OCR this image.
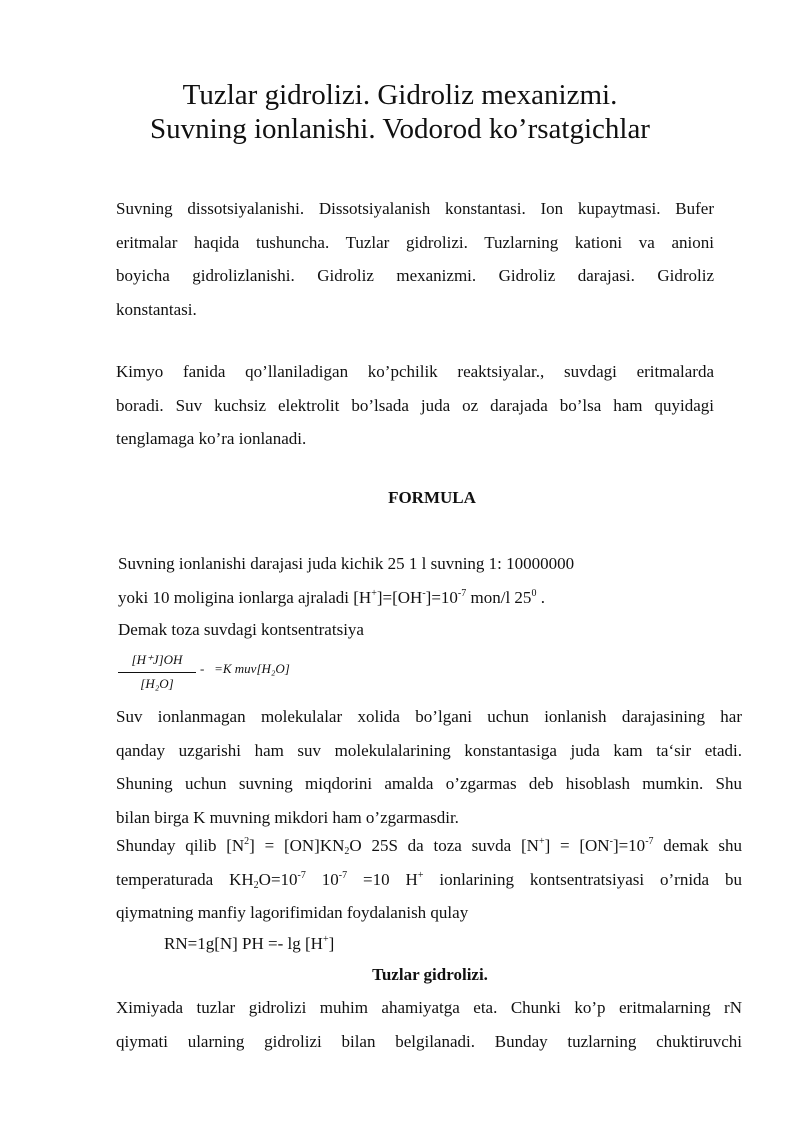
Tuzlar gidrolizi. Gidroliz mexanizmi.
Suvning ionlanishi. Vodorod ko’rsatgichlar
Suvning dissotsiyalanishi. Dissotsiyalanish konstantasi. Ion kupaytmasi. Bufer
eritmalar haqida tushuncha. Tuzlar gidrolizi. Tuzlarning kationi va anioni
boyicha gidrolizlanishi. Gidroliz mexanizmi. Gidroliz darajasi. Gidroliz
konstantasi.
Kimyo fanida qo’llaniladigan ko’pchilik reaktsiyalar., suvdagi eritmalarda
boradi. Suv kuchsiz elektrolit bo’lsada juda oz darajada bo’lsa ham quyidagi
tenglamaga ko’ra ionlanadi.
FORMULA
Suvning ionlanishi darajasi juda kichik 25 1 l suvning 1: 10000000
yoki 10 moligina ionlarga ajraladi $[H^+]=[OH^-]=10^{-7}$ mon/l $25^0$ .
Demak toza suvdagi kontsentratsiya
[H⁺J]OH
[H₂O]
- =K muv[H₂O]
Suv ionlanmagan molekulalar xolida bo’lgani uchun ionlanish darajasining har
qanday uzgarishi ham suv molekulalarining konstantasiga juda kam ta‘sir etadi.
Shuning uchun suvning miqdorini amalda o’zgarmas deb hisoblash mumkin. Shu
bilan birga K muvning mikdori ham o’zgarmasdir.
Shunday qilib $[N^2] = [ON]KN_2O$ 25S da toza suvda $[N^+] = [ON^-]=10^{-7}$ demak shu
temperaturada $KH_2O=10^{-7}$ $10^{-7} =10$ H+ ionlarining kontsentratsiyasi o’rnida bu
qiymatning manfiy lagorifimidan foydalanish qulay
RN=1g[N] PH =- lg [H+]
Tuzlar gidrolizi.
Ximiyada tuzlar gidrolizi muhim ahamiyatga eta. Chunki ko’p eritmalarning rN
qiymati ularning gidrolizi bilan belgilanadi. Bunday tuzlarning chuktiruvchi
